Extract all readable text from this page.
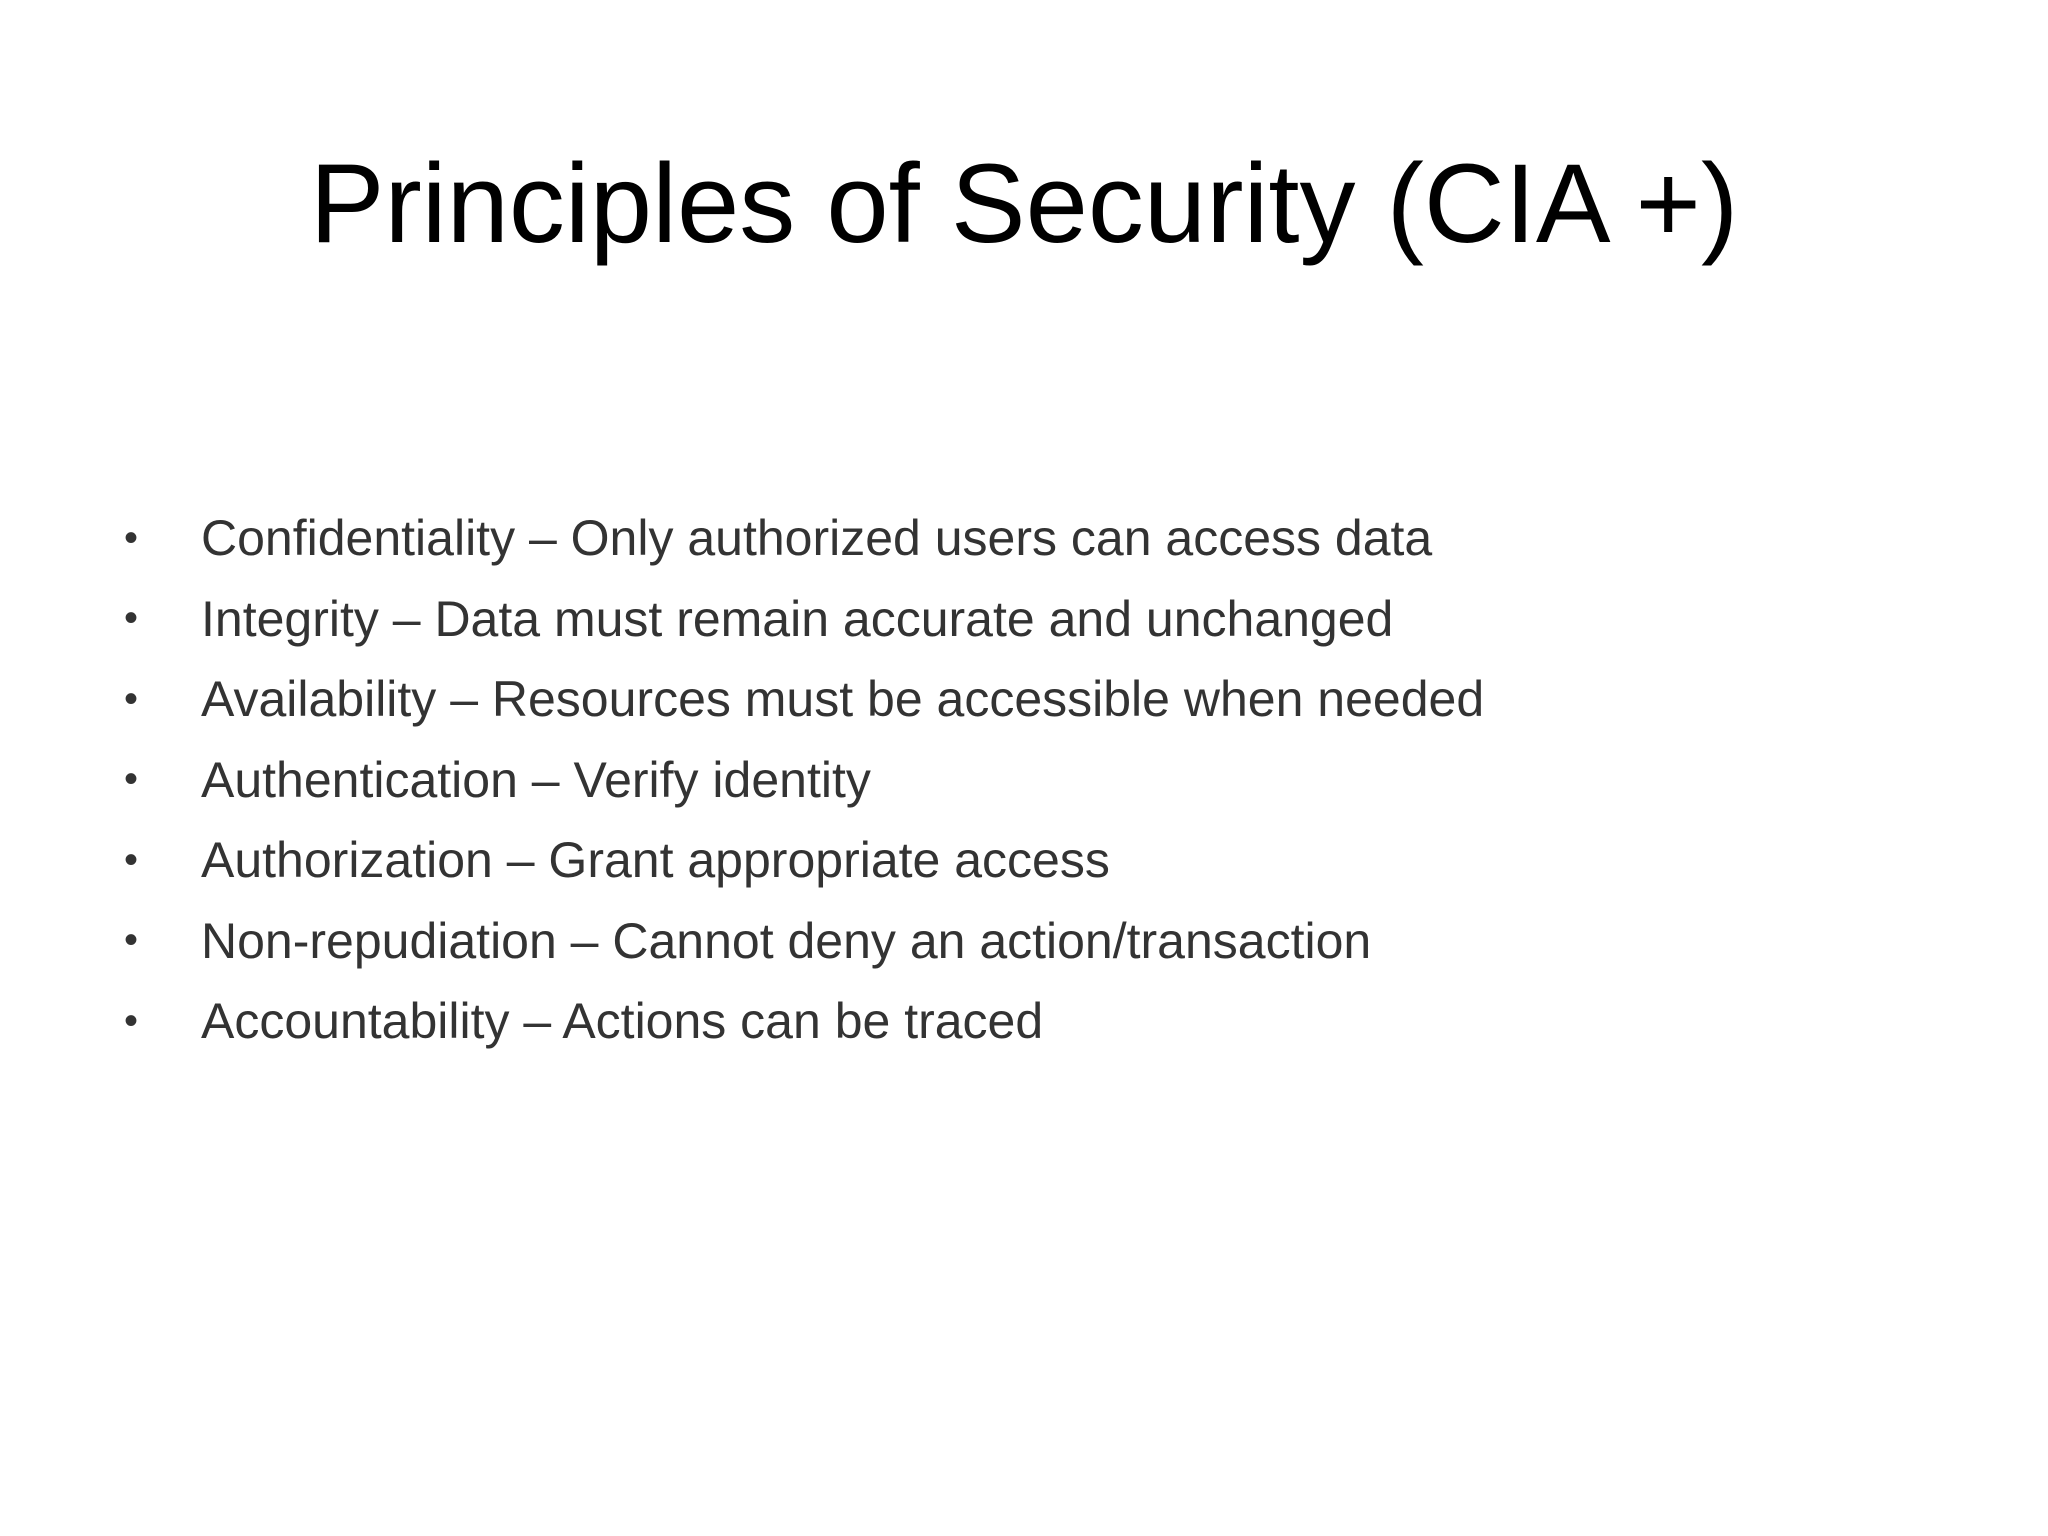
Principles of Security (CIA +)
• Confidentiality – Only authorized users can access data
• Integrity – Data must remain accurate and unchanged
• Availability – Resources must be accessible when needed
• Authentication – Verify identity
• Authorization – Grant appropriate access
• Non-repudiation – Cannot deny an action/transaction
• Accountability – Actions can be traced
